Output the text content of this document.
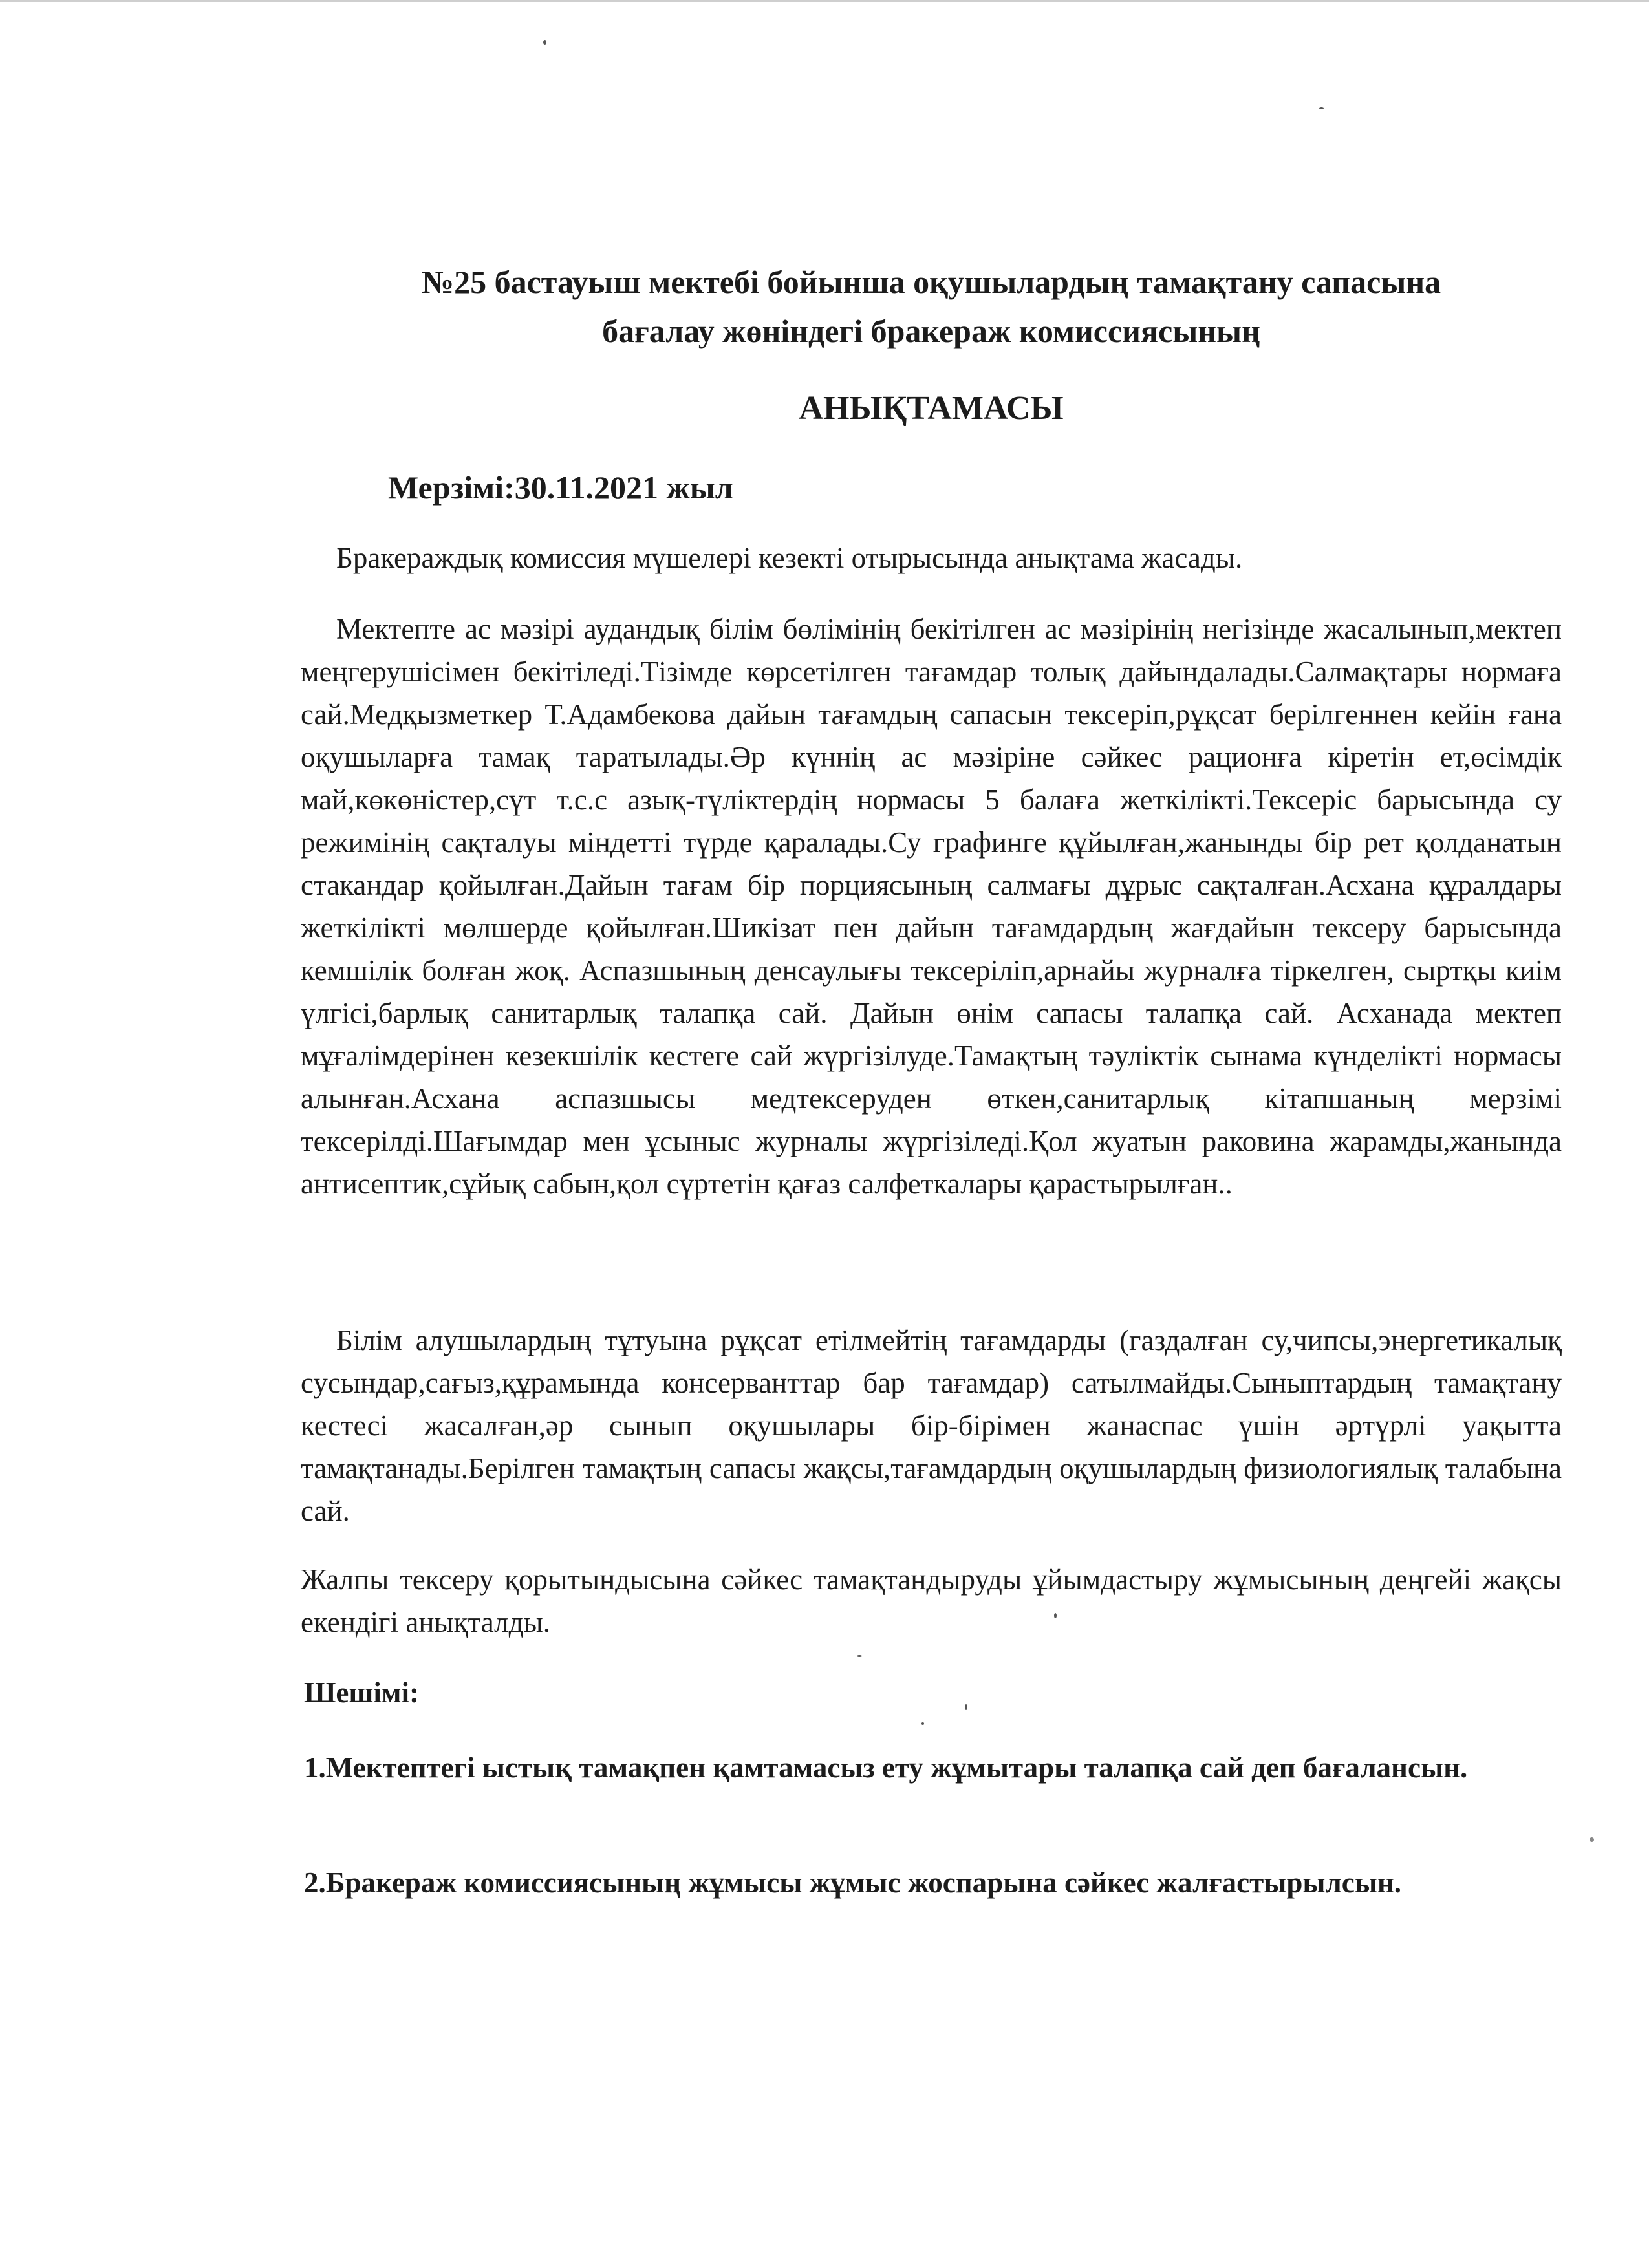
№25 бастауыш мектебі бойынша оқушылардың тамақтану сапасына
бағалау жөніндегі бракераж комиссиясының
АНЫҚТАМАСЫ

Мерзімі:30.11.2021 жыл

Бракераждық комиссия мүшелері кезекті отырысында анықтама жасады.

Мектепте ас мәзірі аудандық білім бөлімінің бекітілген ас мәзірінің негізінде жасалынып,мектеп меңгерушісімен бекітіледі.Тізімде көрсетілген тағамдар толық дайындалады.Салмақтары нормаға сай.Медқызметкер Т.Адамбекова дайын тағамдың сапасын тексеріп,рұқсат берілгеннен кейін ғана оқушыларға тамақ таратылады.Әр күннің ас мәзіріне сәйкес рационға кіретін ет,өсімдік май,көкөністер,сүт т.с.с азық-түліктердің нормасы 5 балаға жеткілікті.Тексеріс барысында су режимінің сақталуы міндетті түрде қаралады.Су графинге құйылған,жанынды бір рет қолданатын стакандар қойылған.Дайын тағам бір порциясының салмағы дұрыс сақталған.Асхана құралдары жеткілікті мөлшерде қойылған.Шикізат пен дайын тағамдардың жағдайын тексеру барысында кемшілік болған жоқ. Аспазшының денсаулығы тексеріліп,арнайы журналға тіркелген, сыртқы киім үлгісі,барлық санитарлық талапқа сай. Дайын өнім сапасы талапқа сай. Асханада мектеп мұғалімдерінен кезекшілік кестеге сай жүргізілуде.Тамақтың тәуліктік сынама күнделікті нормасы алынған.Асхана аспазшысы медтексеруден өткен,санитарлық кітапшаның мерзімі тексерілді.Шағымдар мен ұсыныс журналы жүргізіледі.Қол жуатын раковина жарамды,жанында антисептик,сұйық сабын,қол сүртетін қағаз салфеткалары қарастырылған..

Білім алушылардың тұтуына рұқсат етілмейтің тағамдарды (газдалған су,чипсы,энергетикалық сусындар,сағыз,құрамында консерванттар бар тағамдар) сатылмайды.Сыныптардың тамақтану кестесі жасалған,әр сынып оқушылары бір-бірімен жанаспас үшін әртүрлі уақытта тамақтанады.Берілген тамақтың сапасы жақсы,тағамдардың оқушылардың физиологиялық талабына сай.

Жалпы тексеру қорытындысына сәйкес тамақтандыруды ұйымдастыру жұмысының деңгейі жақсы екендігі анықталды.

Шешімі:

1.Мектептегі ыстық тамақпен қамтамасыз ету жұмытары талапқа сай деп бағалансын.

2.Бракераж комиссиясының жұмысы жұмыс жоспарына сәйкес жалғастырылсын.
